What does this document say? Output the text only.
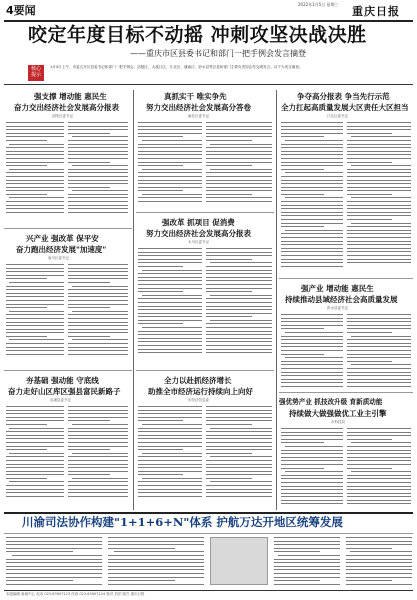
4要闻	2022年1月5日 星期三
重庆日报
咬定年度目标不动摇 冲刺攻坚决战决胜
——重庆市区县委书记和部门一把手例会发言摘登
核心提示
1月4日上午，市委召开区县委书记和部门一把手例会。涪陵区、大渡口区、江北区、潼南区、彭水县等区县和部门主要负责同志作交流发言。以下为发言摘登。
强支撑 增动能 惠民生
奋力交出经济社会发展高分报表
涪陵区委书记
真抓实干 唯实争先
努力交出经济社会发展高分答卷
渝北区委书记
争夺高分报表 争当先行示范
全力扛起高质量发展大区责任大区担当
江北区委书记
兴产业 强改革 保平安
奋力跑出经济发展"加速度"
南川区委书记
强改革 抓项目 促消费
努力交出经济社会发展高分报表
永川区委书记
强产业 增动能 惠民生
持续推动县域经济社会高质量发展
彭水县委书记
夯基础 强动能 守底线
奋力走好山区库区强县富民新路子
巫溪县委书记
全力以赴抓经济增长
助推全市经济运行持续向上向好
市经济信息委	强优势产业 抓技改升级 育新质动能
持续做大做强做优工业主引擎
市科技局
川渝司法协作构建"1+1+6+N"体系 护航万达开地区统筹发展
本版编辑 新闻中心 电话 023-63907123 传真 023-63907124 校对 刘洋 版式 重庆日报
